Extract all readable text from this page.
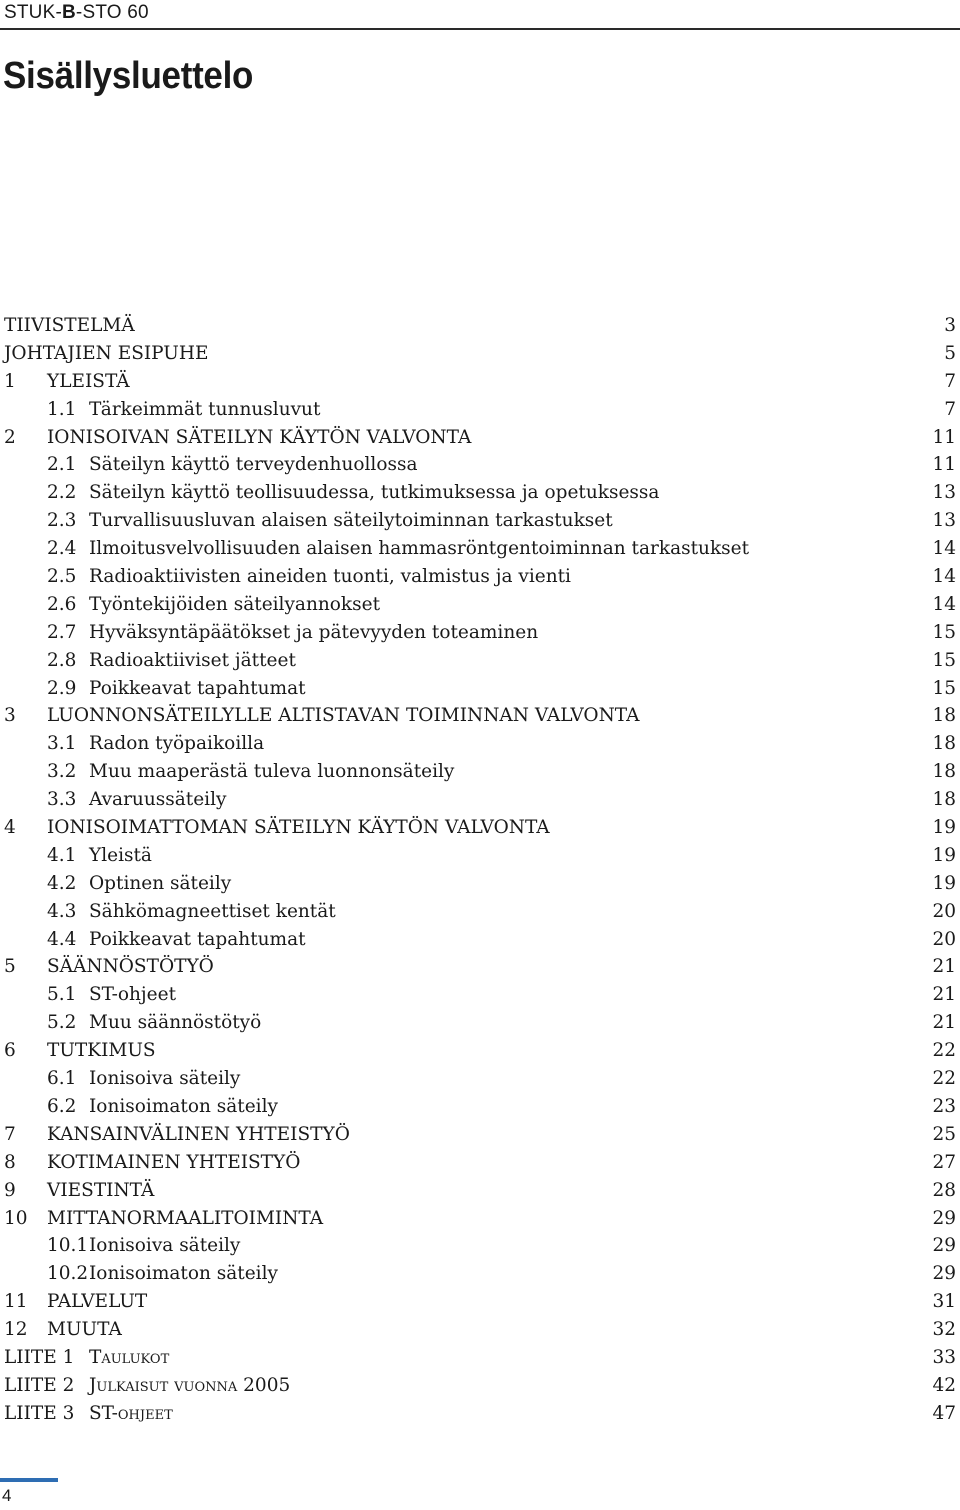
STUK-B-STO 60
Sisällysluettelo
TIIVISTELMÄ	3
JOHTAJIEN ESIPUHE	5
1 YLEISTÄ	7
1.1 Tärkeimmät tunnusluvut	7
2 IONISOIVAN SÄTEILYN KÄYTÖN VALVONTA	11
2.1 Säteilyn käyttö terveydenhuollossa	11
2.2 Säteilyn käyttö teollisuudessa, tutkimuksessa ja opetuksessa	13
2.3 Turvallisuusluvan alaisen säteilytoiminnan tarkastukset	13
2.4 Ilmoitusvelvollisuuden alaisen hammasröntgentoiminnan tarkastukset	14
2.5 Radioaktiivisten aineiden tuonti, valmistus ja vienti	14
2.6 Työntekijöiden säteilyannokset	14
2.7 Hyväksyntäpäätökset ja pätevyyden toteaminen	15
2.8 Radioaktiiviset jätteet	15
2.9 Poikkeavat tapahtumat	15
3 LUONNONSÄTEILYLLE ALTISTAVAN TOIMINNAN VALVONTA	18
3.1 Radon työpaikoilla	18
3.2 Muu maaperästä tuleva luonnonsäteily	18
3.3 Avaruussäteily	18
4 IONISOIMATTOMAN SÄTEILYN KÄYTÖN VALVONTA	19
4.1 Yleistä	19
4.2 Optinen säteily	19
4.3 Sähkömagneettiset kentät	20
4.4 Poikkeavat tapahtumat	20
5 SÄÄNNÖSTÖTYÖ	21
5.1 ST-ohjeet	21
5.2 Muu säännöstötyö	21
6 TUTKIMUS	22
6.1 Ionisoiva säteily	22
6.2 Ionisoimaton säteily	23
7 KANSAINVÄLINEN YHTEISTYÖ	25
8 KOTIMAINEN YHTEISTYÖ	27
9 VIESTINTÄ	28
10 MITTANORMAALITOIMINTA	29
10.1 Ionisoiva säteily	29
10.2 Ionisoimaton säteily	29
11 PALVELUT	31
12 MUUTA	32
LIITE 1 Taulukot	33
LIITE 2 Julkaisut vuonna 2005	42
LIITE 3 ST-ohjeet	47
4
